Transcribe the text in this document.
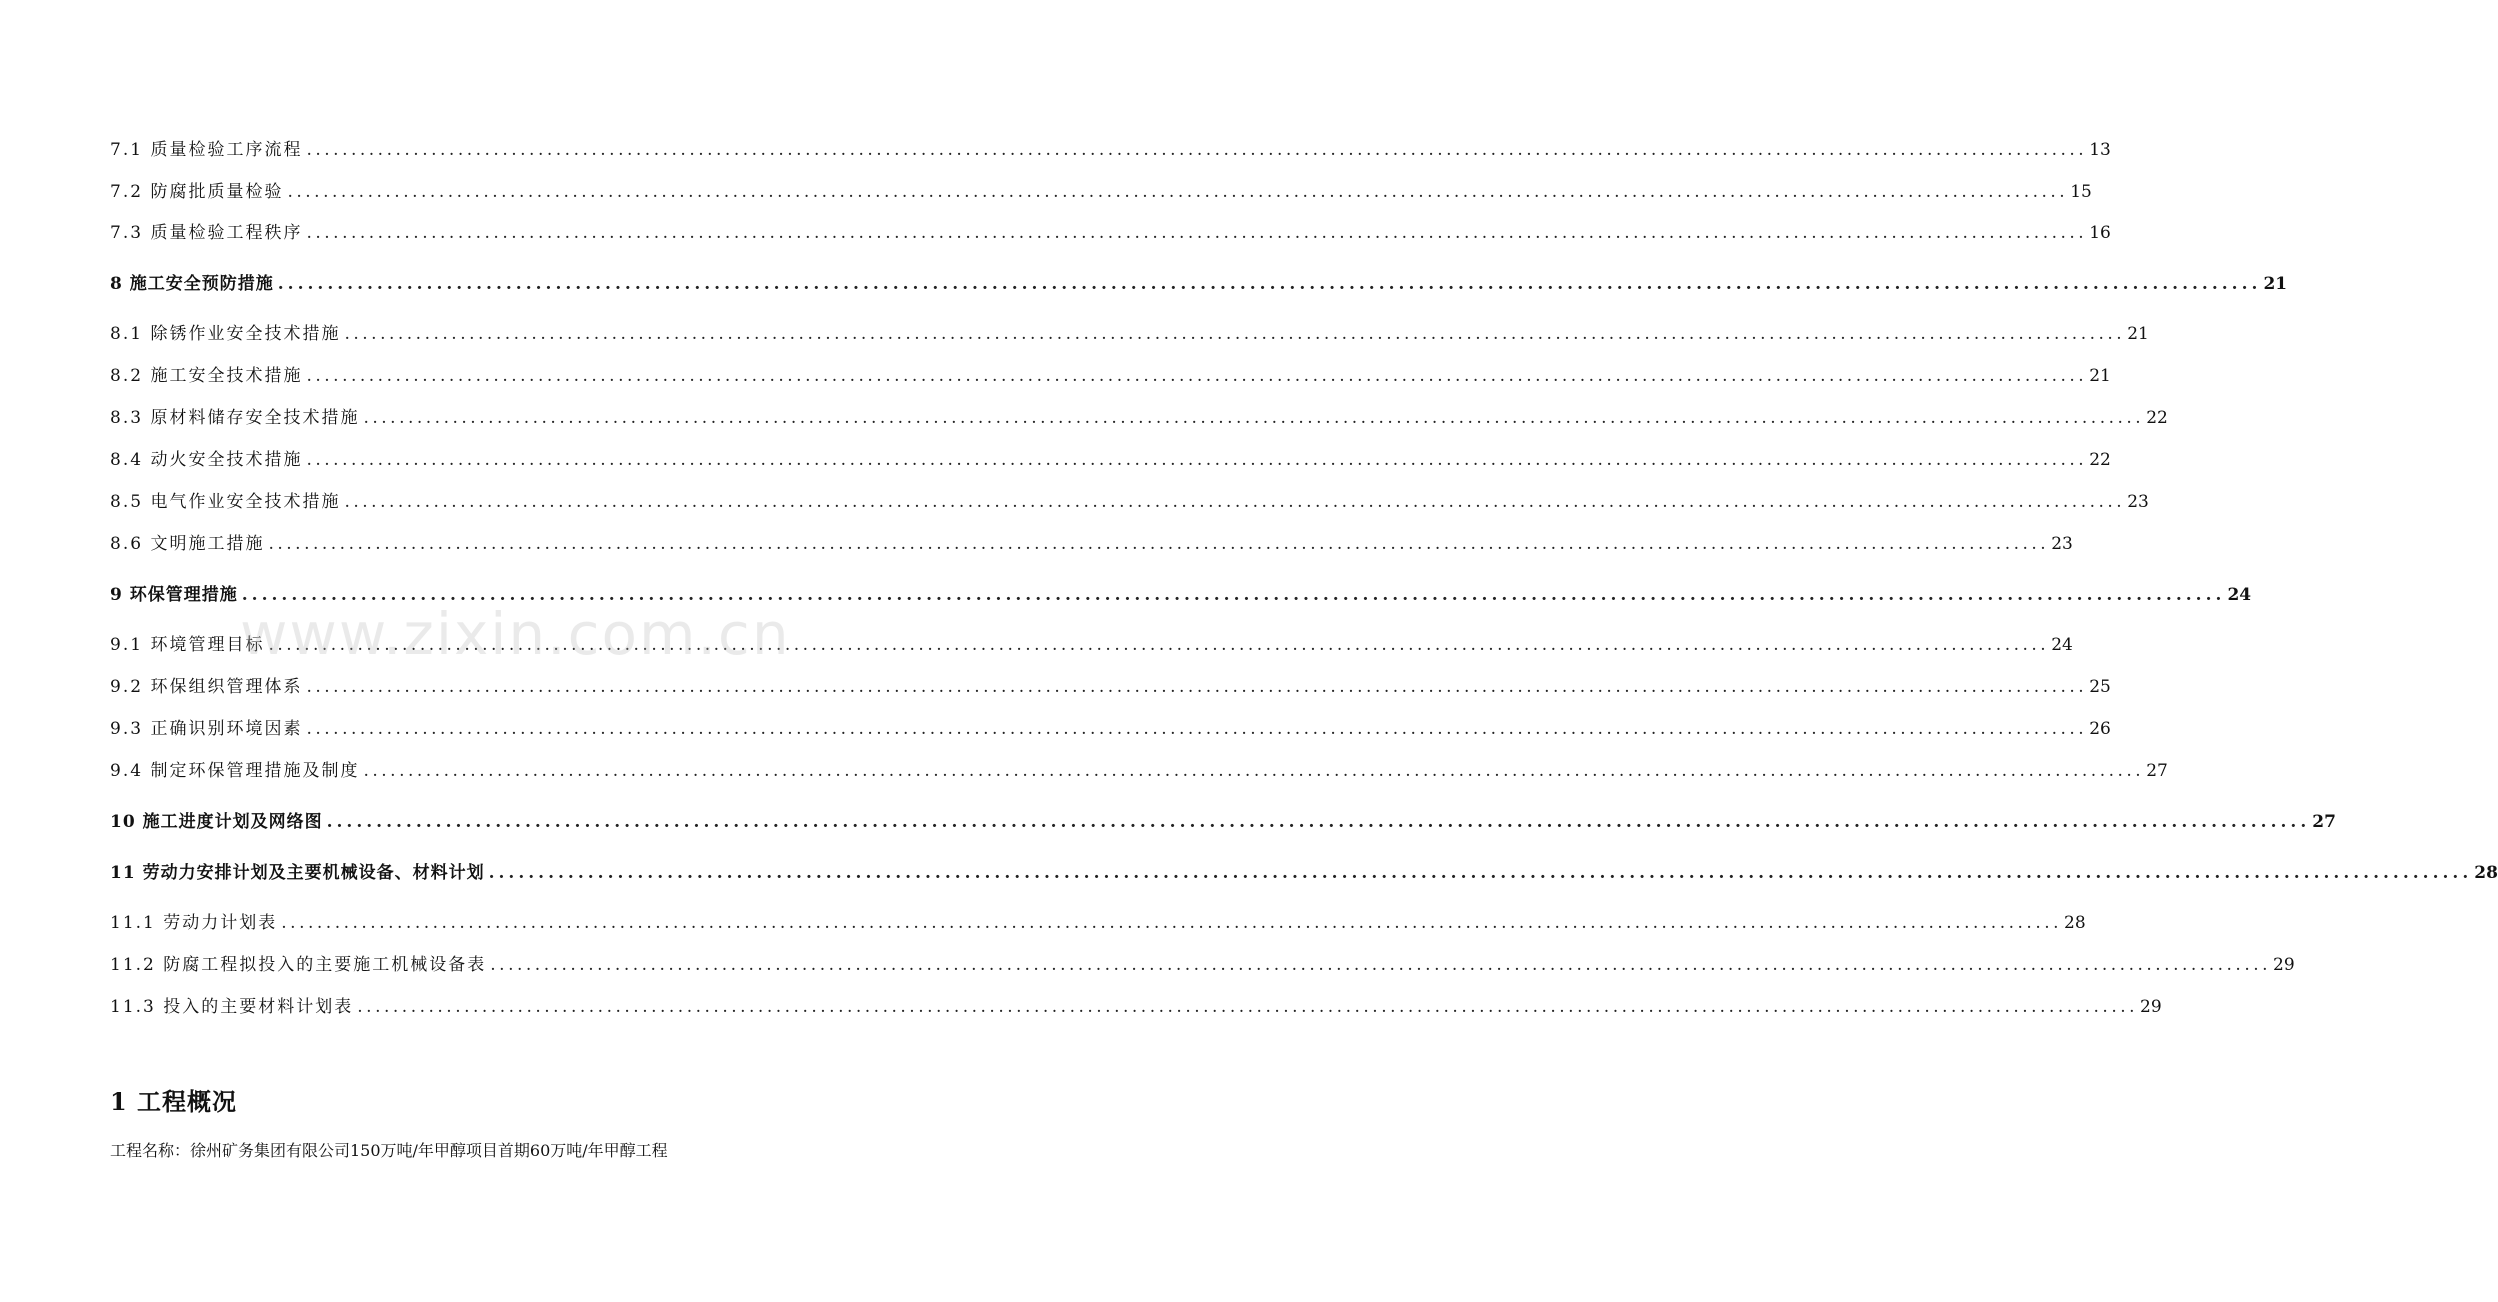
7.1 质量检验工序流程 ........................................................................................................................................................................................................ 13
7.2 防腐批质量检验 ........................................................................................................................................................................................................ 15
7.3 质量检验工程秩序 ........................................................................................................................................................................................................ 16
8 施工安全预防措施 ........................................................................................................................................................................................................ 21
8.1 除锈作业安全技术措施 ........................................................................................................................................................................................................ 21
8.2 施工安全技术措施 ........................................................................................................................................................................................................ 21
8.3 原材料储存安全技术措施 ........................................................................................................................................................................................................ 22
8.4 动火安全技术措施 ........................................................................................................................................................................................................ 22
8.5 电气作业安全技术措施 ........................................................................................................................................................................................................ 23
8.6 文明施工措施 ........................................................................................................................................................................................................ 23
9 环保管理措施 ........................................................................................................................................................................................................ 24
9.1 环境管理目标 ........................................................................................................................................................................................................ 24
9.2 环保组织管理体系 ........................................................................................................................................................................................................ 25
9.3 正确识别环境因素 ........................................................................................................................................................................................................ 26
9.4 制定环保管理措施及制度 ........................................................................................................................................................................................................ 27
10 施工进度计划及网络图 ........................................................................................................................................................................................................ 27
11 劳动力安排计划及主要机械设备、材料计划 ........................................................................................................................................................................................................ 28
11.1 劳动力计划表 ........................................................................................................................................................................................................ 28
11.2 防腐工程拟投入的主要施工机械设备表 ........................................................................................................................................................................................................ 29
11.3 投入的主要材料计划表 ........................................................................................................................................................................................................ 29
1 工程概况
工程名称：徐州矿务集团有限公司150万吨/年甲醇项目首期60万吨/年甲醇工程
www.zixin.com.cn
